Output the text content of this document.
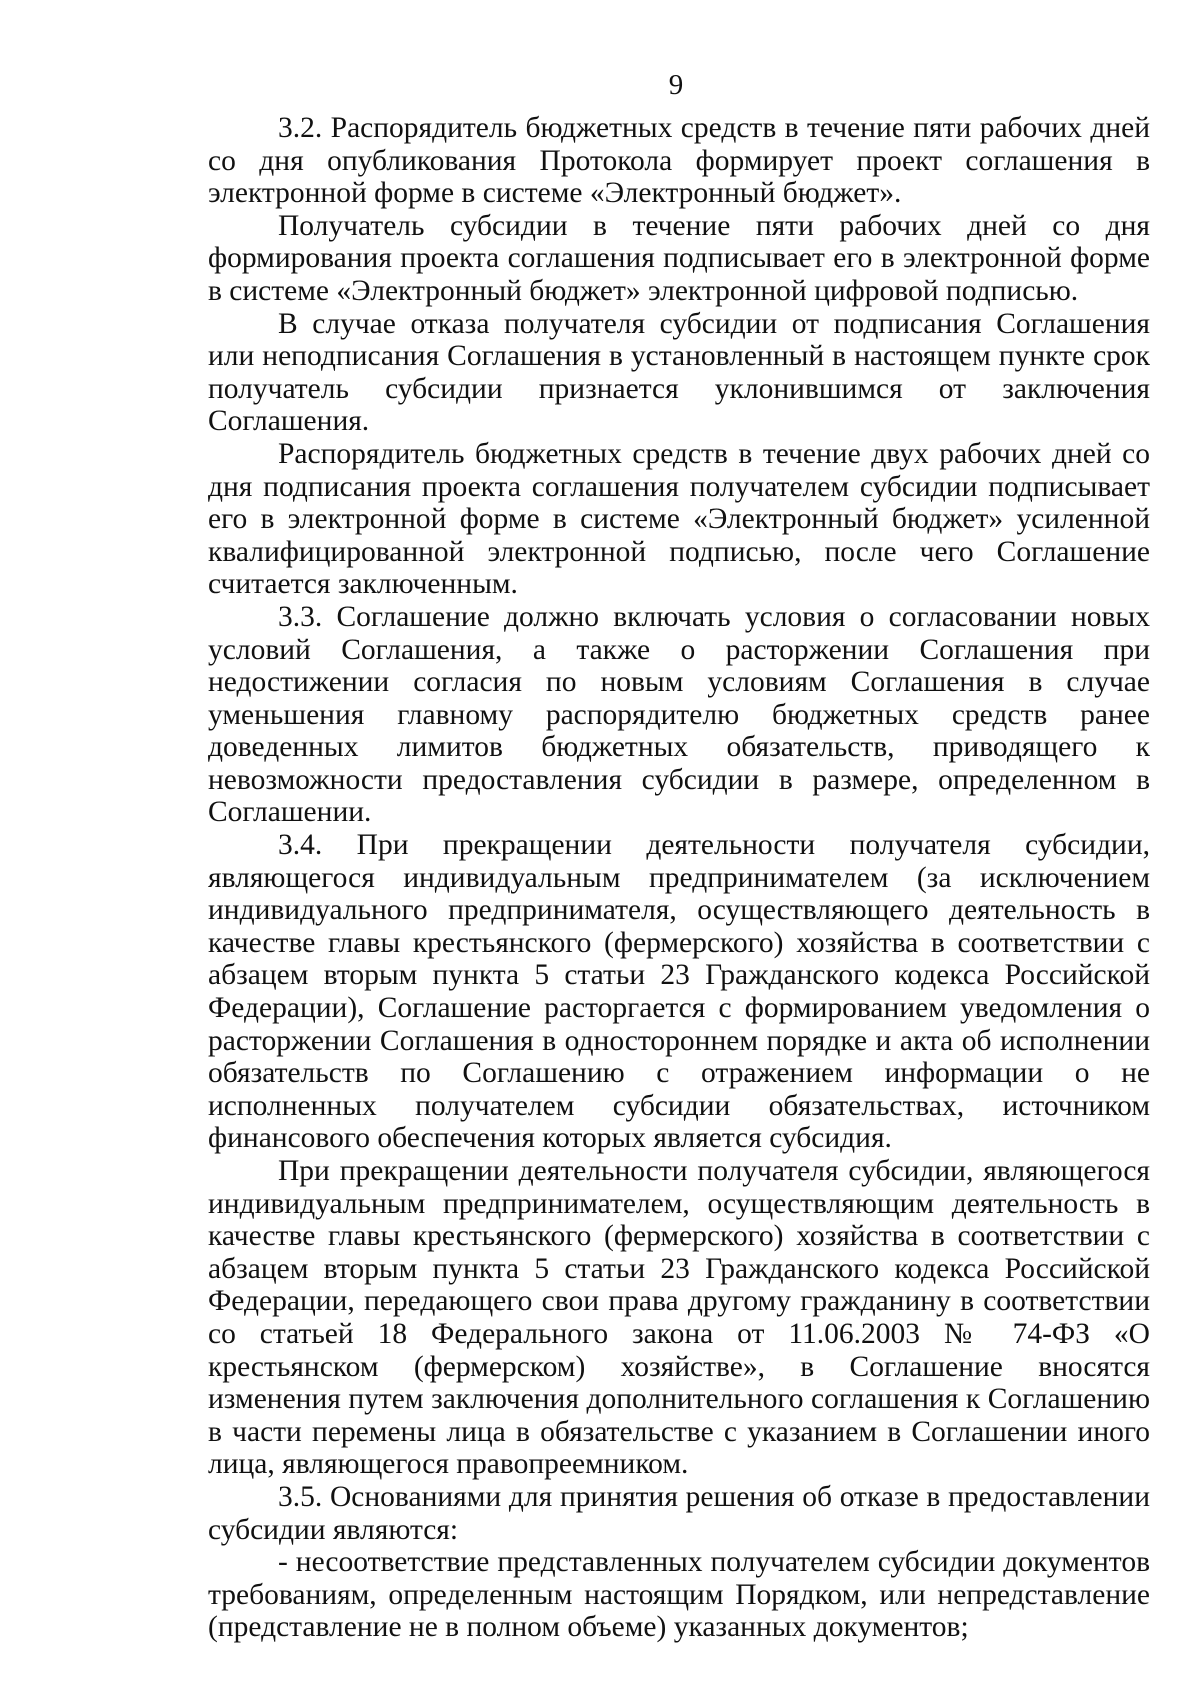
9

3.2. Распорядитель бюджетных средств в течение пяти рабочих дней со дня опубликования Протокола формирует проект соглашения в электронной форме в системе «Электронный бюджет».

Получатель субсидии в течение пяти рабочих дней со дня формирования проекта соглашения подписывает его в электронной форме в системе «Электронный бюджет» электронной цифровой подписью.

В случае отказа получателя субсидии от подписания Соглашения или неподписания Соглашения в установленный в настоящем пункте срок получатель субсидии признается уклонившимся от заключения Соглашения.

Распорядитель бюджетных средств в течение двух рабочих дней со дня подписания проекта соглашения получателем субсидии подписывает его в электронной форме в системе «Электронный бюджет» усиленной квалифицированной электронной подписью, после чего Соглашение считается заключенным.

3.3. Соглашение должно включать условия о согласовании новых условий Соглашения, а также о расторжении Соглашения при недостижении согласия по новым условиям Соглашения в случае уменьшения главному распорядителю бюджетных средств ранее доведенных лимитов бюджетных обязательств, приводящего к невозможности предоставления субсидии в размере, определенном в Соглашении.

3.4. При прекращении деятельности получателя субсидии, являющегося индивидуальным предпринимателем (за исключением индивидуального предпринимателя, осуществляющего деятельность в качестве главы крестьянского (фермерского) хозяйства в соответствии с абзацем вторым пункта 5 статьи 23 Гражданского кодекса Российской Федерации), Соглашение расторгается с формированием уведомления о расторжении Соглашения в одностороннем порядке и акта об исполнении обязательств по Соглашению с отражением информации о не исполненных получателем субсидии обязательствах, источником финансового обеспечения которых является субсидия.

При прекращении деятельности получателя субсидии, являющегося индивидуальным предпринимателем, осуществляющим деятельность в качестве главы крестьянского (фермерского) хозяйства в соответствии с абзацем вторым пункта 5 статьи 23 Гражданского кодекса Российской Федерации, передающего свои права другому гражданину в соответствии со статьей 18 Федерального закона от 11.06.2003 № 74-ФЗ «О крестьянском (фермерском) хозяйстве», в Соглашение вносятся изменения путем заключения дополнительного соглашения к Соглашению в части перемены лица в обязательстве с указанием в Соглашении иного лица, являющегося правопреемником.

3.5. Основаниями для принятия решения об отказе в предоставлении субсидии являются:

- несоответствие представленных получателем субсидии документов требованиям, определенным настоящим Порядком, или непредставление (представление не в полном объеме) указанных документов;
